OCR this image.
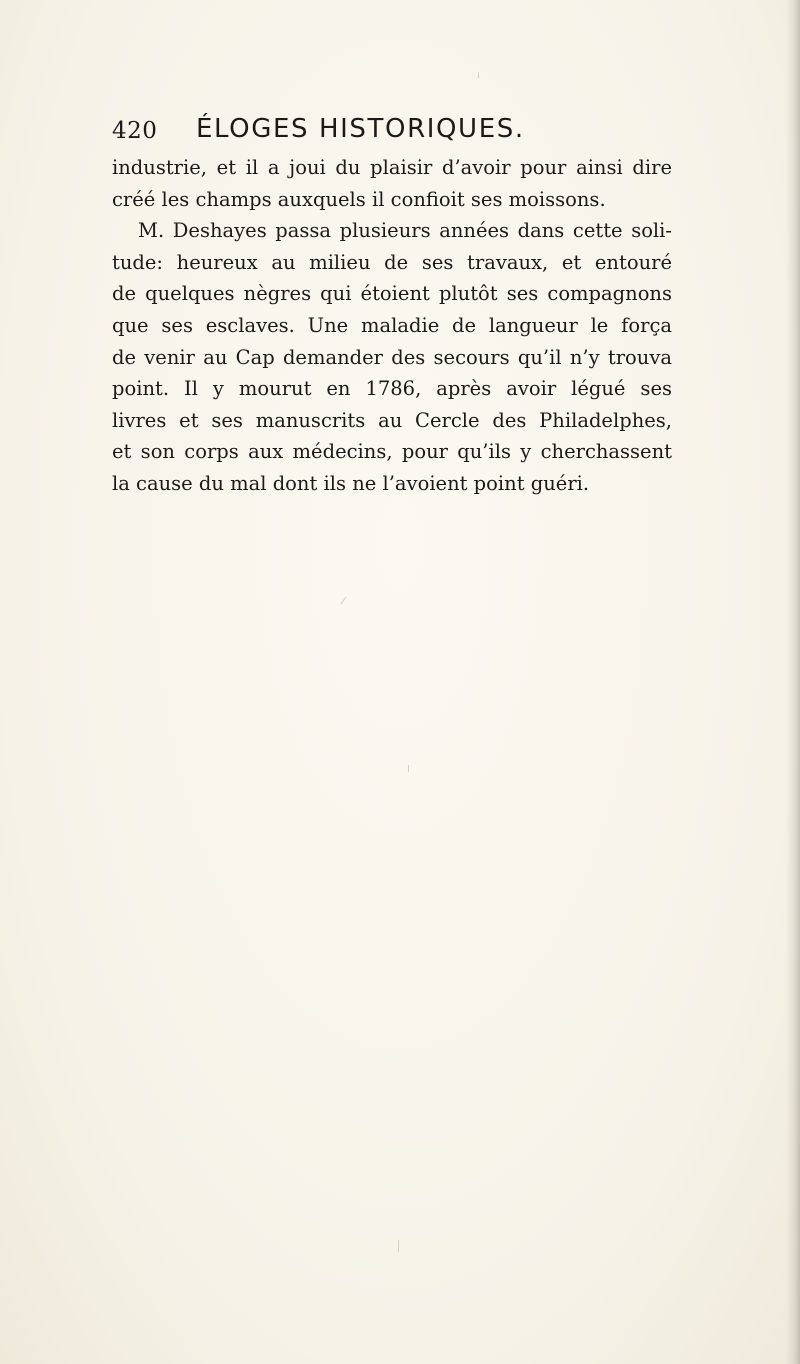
420 ÉLOGES HISTORIQUES.
industrie, et il a joui du plaisir d’avoir pour ainsi dire
créé les champs auxquels il confioit ses moissons.
M. Deshayes passa plusieurs années dans cette soli-
tude: heureux au milieu de ses travaux, et entouré
de quelques nègres qui étoient plutôt ses compagnons
que ses esclaves. Une maladie de langueur le força
de venir au Cap demander des secours qu’il n’y trouva
point. Il y mourut en 1786, après avoir légué ses
livres et ses manuscrits au Cercle des Philadelphes,
et son corps aux médecins, pour qu’ils y cherchassent
la cause du mal dont ils ne l’avoient point guéri.
